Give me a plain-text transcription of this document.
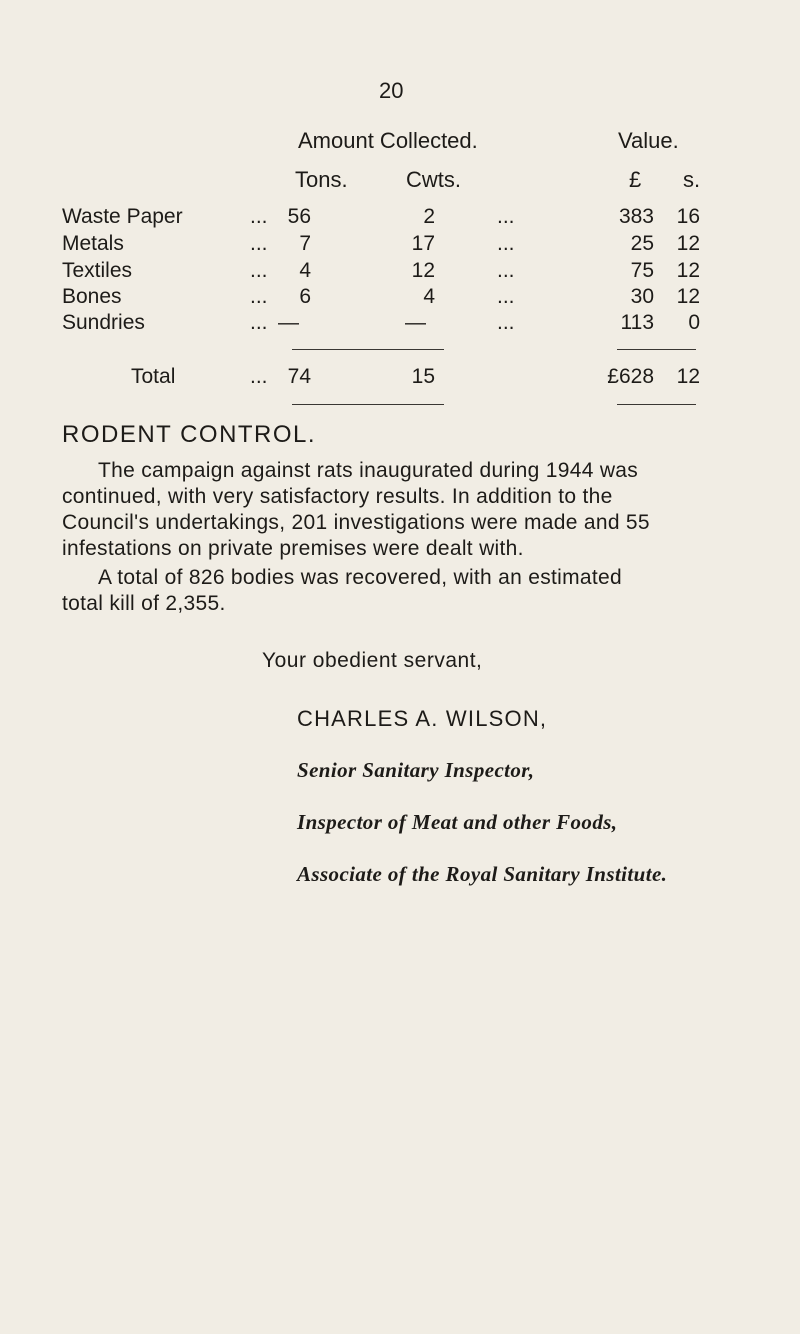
20
Amount Collected.	Value.
Tons.	Cwts.	£ s.
Waste Paper	... 56	2	...	383	16
Metals	...	7	17	...	25	12
Textiles	...	4	12	...	75	12
Bones	...	6	4	...	30	12
Sundries	... —	—	...	113	0
Total	... 74	15	£628	12
RODENT CONTROL.
The campaign against rats inaugurated during 1944 was
continued, with very satisfactory results. In addition to the
Council's undertakings, 201 investigations were made and 55
infestations on private premises were dealt with.
A total of 826 bodies was recovered, with an estimated
total kill of 2,355.
Your obedient servant,
CHARLES A. WILSON,
Senior Sanitary Inspector,
Inspector of Meat and other Foods,
Associate of the Royal Sanitary Institute.
